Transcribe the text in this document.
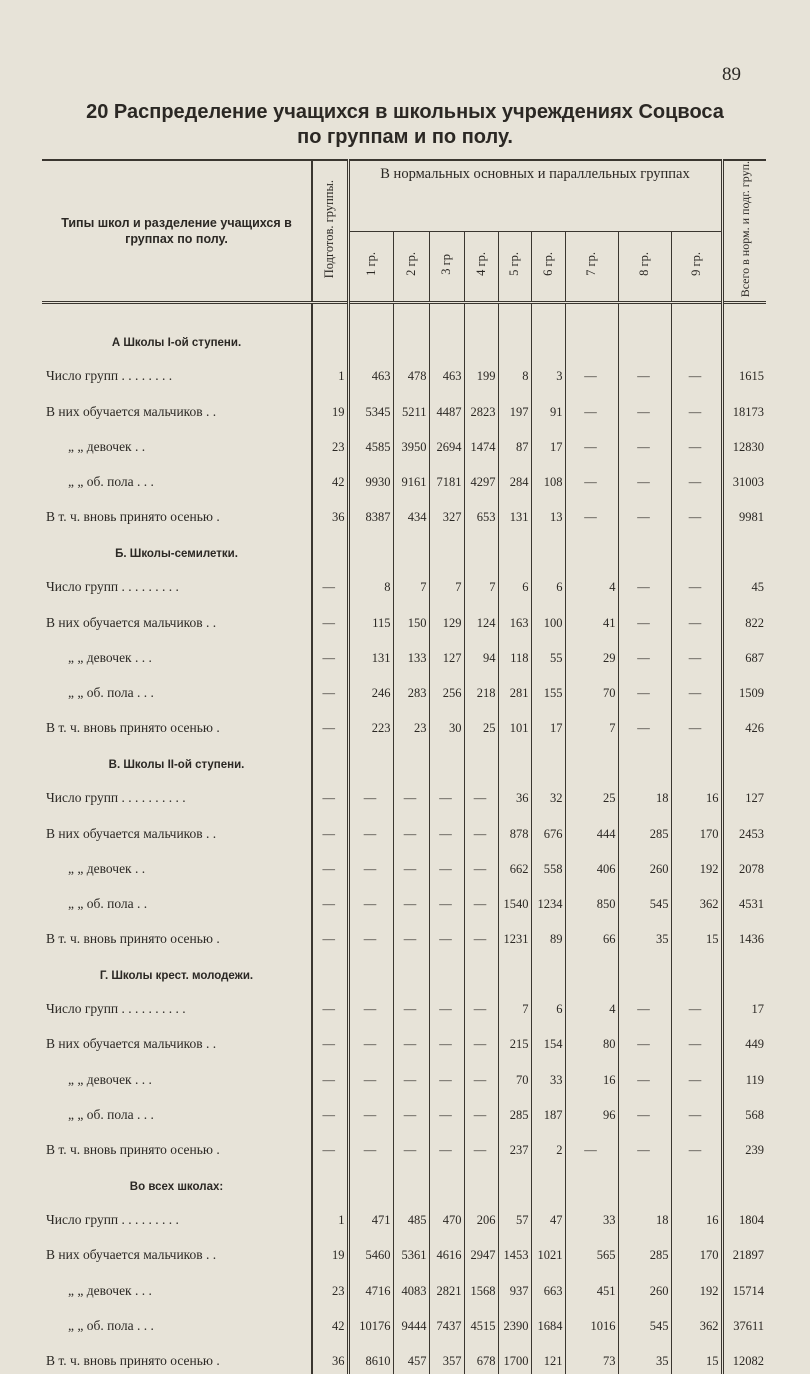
89
20 Распределение учащихся в школьных учреждениях Соцвоса
по группам и по полу.
Типы школ и разделение учащихся в группах по полу.	Подготов. группы.	В нормальных основных и параллельных группах									Всего в норм. и подг. груп.
		1 гр.	2 гр.	3 гр	4 гр.	5 гр.	6 гр.	7 гр.	8 гр.	9 гр.	

А Школы I-ой ступени.											
Число групп . . . . . . . .	1	463	478	463	199	8	3	—	—	—	1615
В них обучается мальчиков . .	19	5345	5211	4487	2823	197	91	—	—	—	18173
„ „ девочек . .	23	4585	3950	2694	1474	87	17	—	—	—	12830
„ „ об. пола . . .	42	9930	9161	7181	4297	284	108	—	—	—	31003
В т. ч. вновь принято осенью .	36	8387	434	327	653	131	13	—	—	—	9981
Б. Школы-семилетки.											
Число групп . . . . . . . . .	—	8	7	7	7	6	6	4	—	—	45
В них обучается мальчиков . .	—	115	150	129	124	163	100	41	—	—	822
„ „ девочек . . .	—	131	133	127	94	118	55	29	—	—	687
„ „ об. пола . . .	—	246	283	256	218	281	155	70	—	—	1509
В т. ч. вновь принято осенью .	—	223	23	30	25	101	17	7	—	—	426
В. Школы II-ой ступени.											
Число групп . . . . . . . . . .	—	—	—	—	—	36	32	25	18	16	127
В них обучается мальчиков . .	—	—	—	—	—	878	676	444	285	170	2453
„ „ девочек . .	—	—	—	—	—	662	558	406	260	192	2078
„ „ об. пола . .	—	—	—	—	—	1540	1234	850	545	362	4531
В т. ч. вновь принято осенью .	—	—	—	—	—	1231	89	66	35	15	1436
Г. Школы крест. молодежи.											
Число групп . . . . . . . . . .	—	—	—	—	—	7	6	4	—	—	17
В них обучается мальчиков . .	—	—	—	—	—	215	154	80	—	—	449
„ „ девочек . . .	—	—	—	—	—	70	33	16	—	—	119
„ „ об. пола . . .	—	—	—	—	—	285	187	96	—	—	568
В т. ч. вновь принято осенью .	—	—	—	—	—	237	2	—	—	—	239
Во всех школах:											
Число групп . . . . . . . . .	1	471	485	470	206	57	47	33	18	16	1804
В них обучается мальчиков . .	19	5460	5361	4616	2947	1453	1021	565	285	170	21897
„ „ девочек . . .	23	4716	4083	2821	1568	937	663	451	260	192	15714
„ „ об. пола . . .	42	10176	9444	7437	4515	2390	1684	1016	545	362	37611
В т. ч. вновь принято осенью .	36	8610	457	357	678	1700	121	73	35	15	12082
